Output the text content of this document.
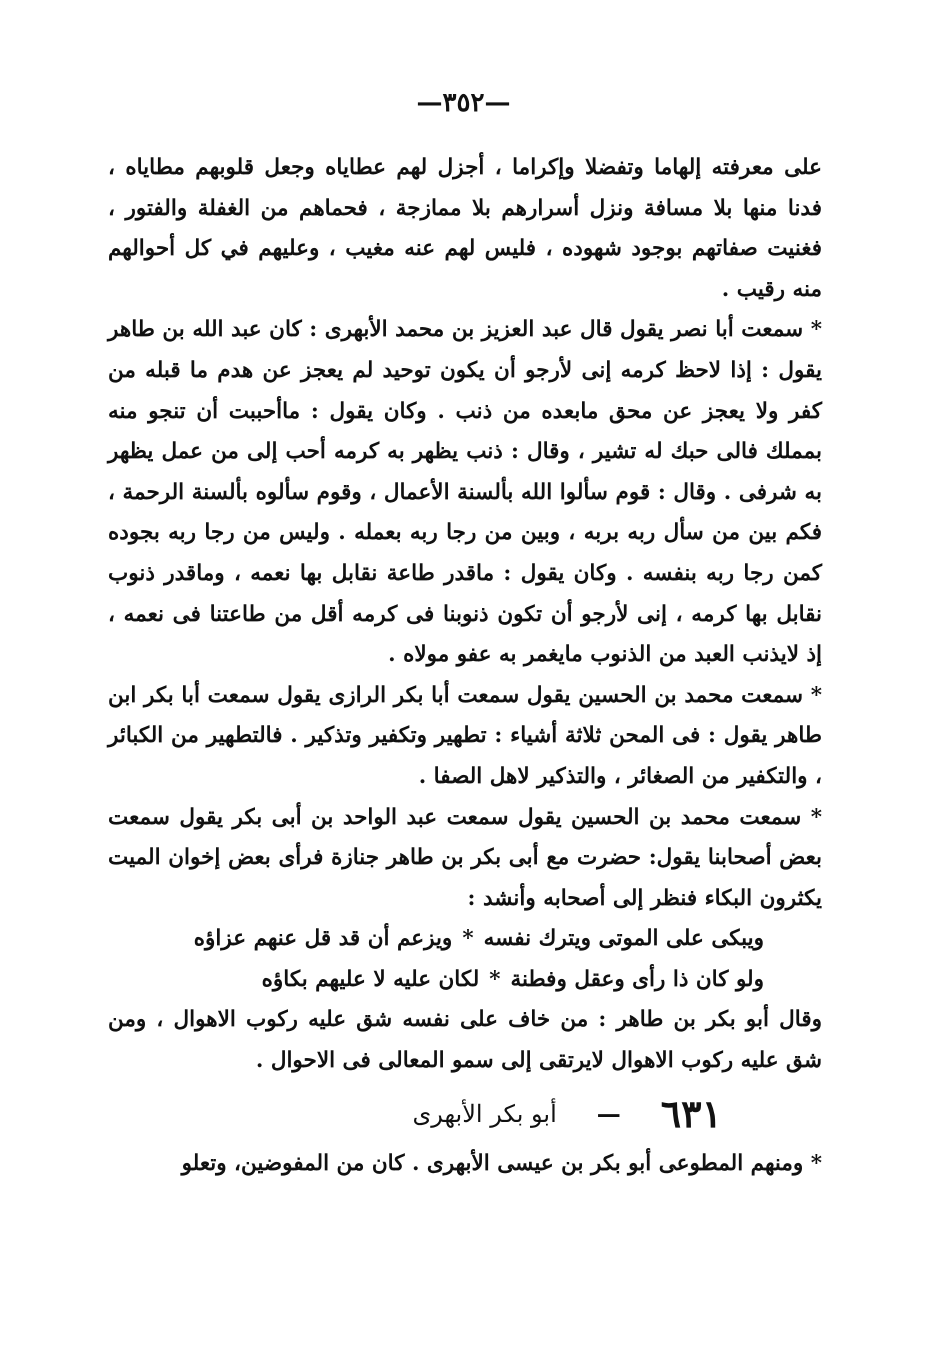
—٣٥٢—

على معرفته إلهاما وتفضلا وإكراما ، أجزل لهم عطاياه وجعل قلوبهم مطاياه ، فدنا منها بلا مسافة ونزل أسرارهم بلا ممازجة ، فحماهم من الغفلة والفتور ، فغنيت صفاتهم بوجود شهوده ، فليس لهم عنه مغيب ، وعليهم في كل أحوالهم منه رقيب .

* سمعت أبا نصر يقول قال عبد العزيز بن محمد الأبهرى : كان عبد الله بن طاهر يقول : إذا لاحظ كرمه إنى لأرجو أن يكون توحيد لم يعجز عن هدم ما قبله من كفر ولا يعجز عن محق مابعده من ذنب . وكان يقول : ماأحببت أن تنجو منه بمملك فالى حبك له تشير ، وقال : ذنب يظهر به كرمه أحب إلى من عمل يظهر به شرفى . وقال : قوم سألوا الله بألسنة الأعمال ، وقوم سألوه بألسنة الرحمة ، فكم بين من سأل ربه بربه ، وبين من رجا ربه بعمله . وليس من رجا ربه بجوده كمن رجا ربه بنفسه . وكان يقول : ماقدر طاعة نقابل بها نعمه ، وماقدر ذنوب نقابل بها كرمه ، إنى لأرجو أن تكون ذنوبنا فى كرمه أقل من طاعتنا فى نعمه ، إذ لايذنب العبد من الذنوب مايغمر به عفو مولاه .

* سمعت محمد بن الحسين يقول سمعت أبا بكر الرازى يقول سمعت أبا بكر ابن طاهر يقول : فى المحن ثلاثة أشياء : تطهير وتكفير وتذكير . فالتطهير من الكبائر ، والتكفير من الصغائر ، والتذكير لاهل الصفا .

* سمعت محمد بن الحسين يقول سمعت عبد الواحد بن أبى بكر يقول سمعت بعض أصحابنا يقول: حضرت مع أبى بكر بن طاهر جنازة فرأى بعض إخوان الميت يكثرون البكاء فنظر إلى أصحابه وأنشد :

ويبكى على الموتى ويترك نفسه
*
ويزعم أن قد قل عنهم عزاؤه
ولو كان ذا رأى وعقل وفطنة
*
لكان عليه لا عليهم بكاؤه

وقال أبو بكر بن طاهر : من خاف على نفسه شق عليه ركوب الاهوال ، ومن شق عليه ركوب الاهوال لايرتقى إلى سمو المعالى فى الاحوال .

٦٣١
—
أبو بكر الأبهرى

* ومنهم المطوعى أبو بكر بن عيسى الأبهرى . كان من المفوضين، وتعلو
